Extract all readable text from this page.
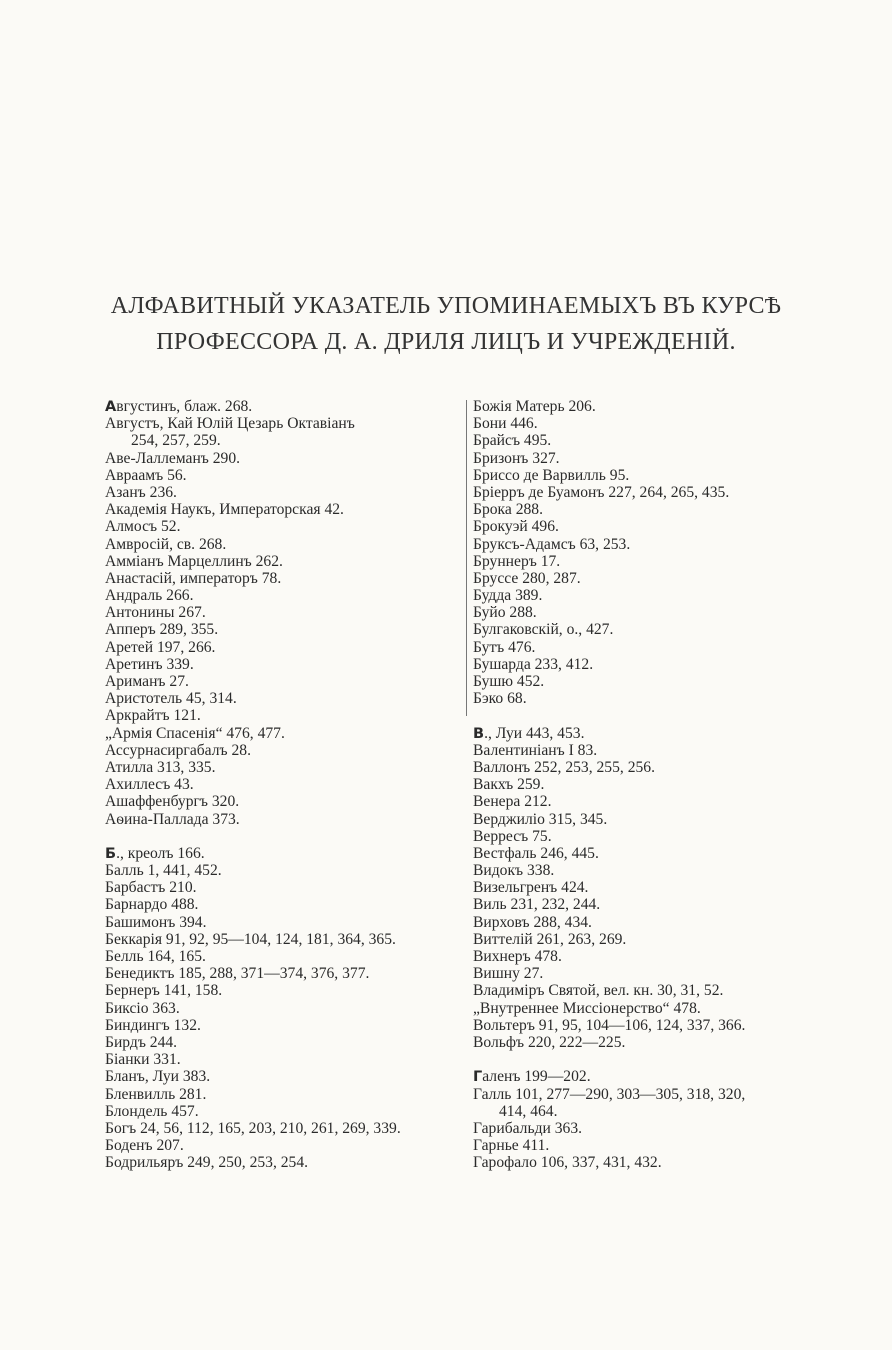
АЛФАВИТНЫЙ УКАЗАТЕЛЬ УПОМИНАЕМЫХЪ ВЪ КУРСѢ
ПРОФЕССОРА Д. А. ДРИЛЯ ЛИЦЪ И УЧРЕЖДЕНІЙ.
Августинъ, блаж. 268.
Августъ, Кай Юлій Цезарь Октавіанъ
254, 257, 259.
Аве-Лаллеманъ 290.
Авраамъ 56.
Азанъ 236.
Академія Наукъ, Императорская 42.
Алмосъ 52.
Амвросій, св. 268.
Амміанъ Марцеллинъ 262.
Анастасій, императоръ 78.
Андраль 266.
Антонины 267.
Апперъ 289, 355.
Аретей 197, 266.
Аретинъ 339.
Ариманъ 27.
Аристотель 45, 314.
Аркрайтъ 121.
„Армія Спасенія“ 476, 477.
Ассурнасиргабалъ 28.
Атилла 313, 335.
Ахиллесъ 43.
Ашаффенбургъ 320.
Аѳина-Паллада 373.
Б., креолъ 166.
Балль 1, 441, 452.
Барбастъ 210.
Барнардо 488.
Башимонъ 394.
Беккарія 91, 92, 95—104, 124, 181, 364, 365.
Белль 164, 165.
Бенедиктъ 185, 288, 371—374, 376, 377.
Бернеръ 141, 158.
Биксіо 363.
Биндингъ 132.
Бирдъ 244.
Біанки 331.
Бланъ, Луи 383.
Бленвилль 281.
Блондель 457.
Богъ 24, 56, 112, 165, 203, 210, 261, 269, 339.
Боденъ 207.
Бодрильяръ 249, 250, 253, 254.
Божія Матерь 206.
Бони 446.
Брайсъ 495.
Бризонъ 327.
Бриссо де Варвилль 95.
Бріерръ де Буамонъ 227, 264, 265, 435.
Брока 288.
Брокуэй 496.
Бруксъ-Адамсъ 63, 253.
Бруннеръ 17.
Бруссе 280, 287.
Будда 389.
Буйо 288.
Булгаковскій, о., 427.
Бутъ 476.
Бушарда 233, 412.
Бушю 452.
Бэко 68.
В., Луи 443, 453.
Валентиніанъ I 83.
Валлонъ 252, 253, 255, 256.
Вакхъ 259.
Венера 212.
Верджиліо 315, 345.
Верресъ 75.
Вестфаль 246, 445.
Видокъ 338.
Визельгренъ 424.
Виль 231, 232, 244.
Вирховъ 288, 434.
Виттелій 261, 263, 269.
Вихнеръ 478.
Вишну 27.
Владиміръ Святой, вел. кн. 30, 31, 52.
„Внутреннее Миссіонерство“ 478.
Вольтеръ 91, 95, 104—106, 124, 337, 366.
Вольфъ 220, 222—225.
Галенъ 199—202.
Галль 101, 277—290, 303—305, 318, 320,
414, 464.
Гарибальди 363.
Гарнье 411.
Гарофало 106, 337, 431, 432.
